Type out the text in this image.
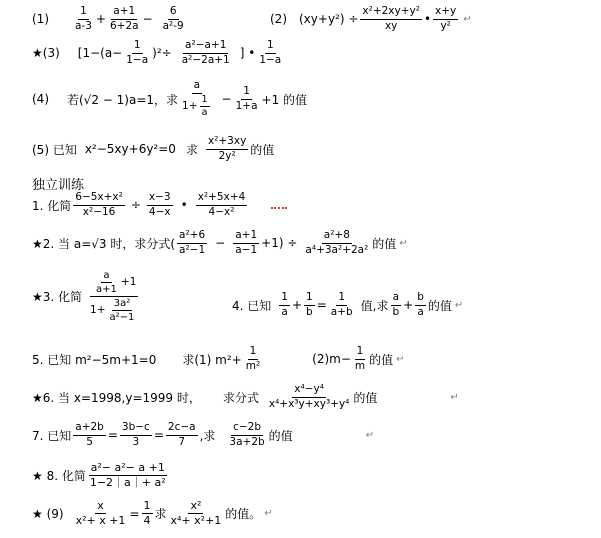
(1)
1
$a-3 + \frac{a+1}{6+2a}$ −
6
a²-9	(2) $(xy+y^2) \div \frac{\text{x²+2xy+y²}}{xy}$ •
x+y
y²
↵
★(3) [$1-(a- \frac{1}{1-a} )^2\div$
a²−a+1
a²−2a+1 ] •
1
1−a
(4) 若(√2 − 1)a=1，求
a
$1+ \frac{1}{a} - \frac{1}{1+a} +1$ 的值
(5) 已知 x²−5xy+6y²=0 求
x²+3xy
2y² 的值
独立训练
1. 化简
6−5x+x²
x²−16 ÷
x−3
4−x •
x²+5x+4
4−x²
★2. 当 a=√3 时，求分式(
a²+6
a²−1 −
a+1
a−1 +1) ÷
a²+8
a⁴+3a²+2a² 的值 ↵
★3. 化简
a
a+1
+1
$1+ \frac{\text{3a²}}{\text{a²−1}}$	4. 已知
1
$a + \frac{1}{b} = \frac{1}{a+b}$ 值,求
a
$b + \frac{b}{a}$ 的值 ↵
5. 已知 m²−5m+1=0 求(1) $m^2+ \frac{1}{\text{m²}}$	$(2)m- \frac{1}{m}$ 的值 ↵
★6. 当 x=1998,y=1999 时， 求分式
x⁴−y⁴
x⁴+x³y+xy³+y⁴ 的值	↵
7. 已知 $\frac{a+2b}{5} = \frac{3b-c}{3} = \frac{2c-a}{7}$ ,求
c−2b
3a+2b 的值	↵
★ 8. 化简
a²− a²− a +1
1−2｜a｜+ a²
★ $(9) \frac{x}{\text{x²+ x +1}} = \frac{1}{4}$ 求
x²
x⁴+ x²+1 的值。 ↵
